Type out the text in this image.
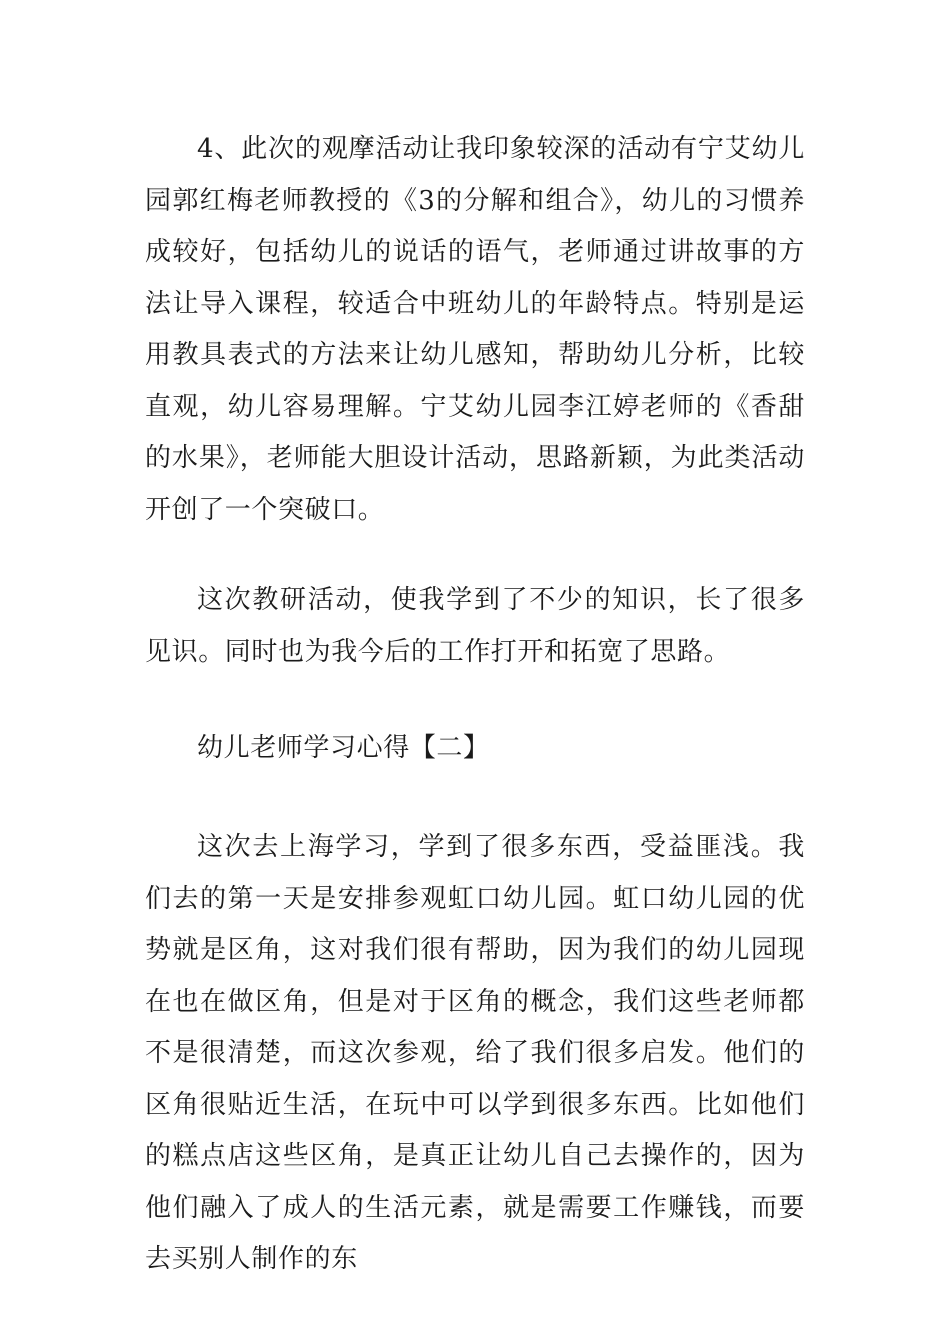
4、此次的观摩活动让我印象较深的活动有宁艾幼儿园郭红梅老师教授的《3的分解和组合》，幼儿的习惯养成较好，包括幼儿的说话的语气，老师通过讲故事的方法让导入课程，较适合中班幼儿的年龄特点。特别是运用教具表式的方法来让幼儿感知，帮助幼儿分析，比较直观，幼儿容易理解。宁艾幼儿园李江婷老师的《香甜的水果》，老师能大胆设计活动，思路新颖，为此类活动开创了一个突破口。

这次教研活动，使我学到了不少的知识，长了很多见识。同时也为我今后的工作打开和拓宽了思路。

幼儿老师学习心得【二】

这次去上海学习，学到了很多东西，受益匪浅。我们去的第一天是安排参观虹口幼儿园。虹口幼儿园的优势就是区角，这对我们很有帮助，因为我们的幼儿园现在也在做区角，但是对于区角的概念，我们这些老师都不是很清楚，而这次参观，给了我们很多启发。他们的区角很贴近生活，在玩中可以学到很多东西。比如他们的糕点店这些区角，是真正让幼儿自己去操作的，因为他们融入了成人的生活元素，就是需要工作赚钱，而要去买别人制作的东
